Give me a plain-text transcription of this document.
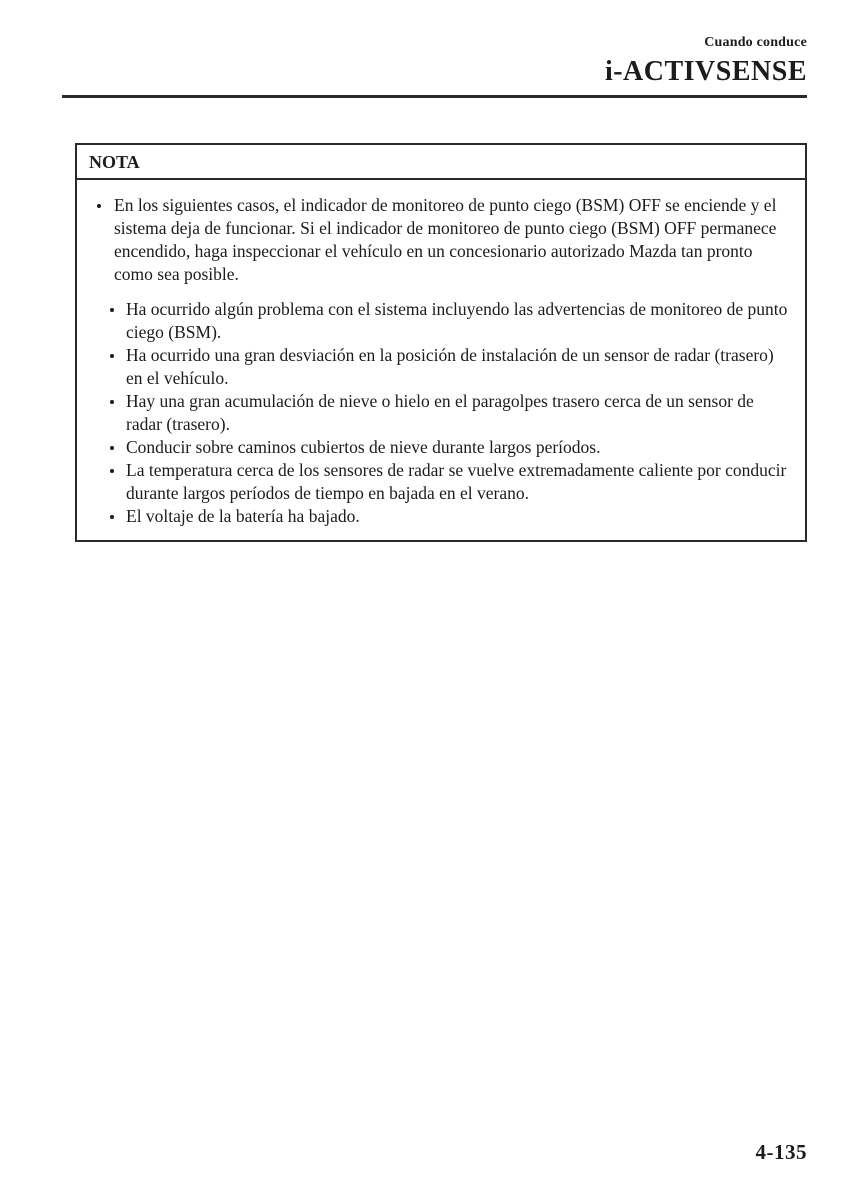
Cuando conduce
i-ACTIVSENSE
NOTA
En los siguientes casos, el indicador de monitoreo de punto ciego (BSM) OFF se enciende y el sistema deja de funcionar. Si el indicador de monitoreo de punto ciego (BSM) OFF permanece encendido, haga inspeccionar el vehículo en un concesionario autorizado Mazda tan pronto como sea posible.
Ha ocurrido algún problema con el sistema incluyendo las advertencias de monitoreo de punto ciego (BSM).
Ha ocurrido una gran desviación en la posición de instalación de un sensor de radar (trasero) en el vehículo.
Hay una gran acumulación de nieve o hielo en el paragolpes trasero cerca de un sensor de radar (trasero).
Conducir sobre caminos cubiertos de nieve durante largos períodos.
La temperatura cerca de los sensores de radar se vuelve extremadamente caliente por conducir durante largos períodos de tiempo en bajada en el verano.
El voltaje de la batería ha bajado.
4-135
